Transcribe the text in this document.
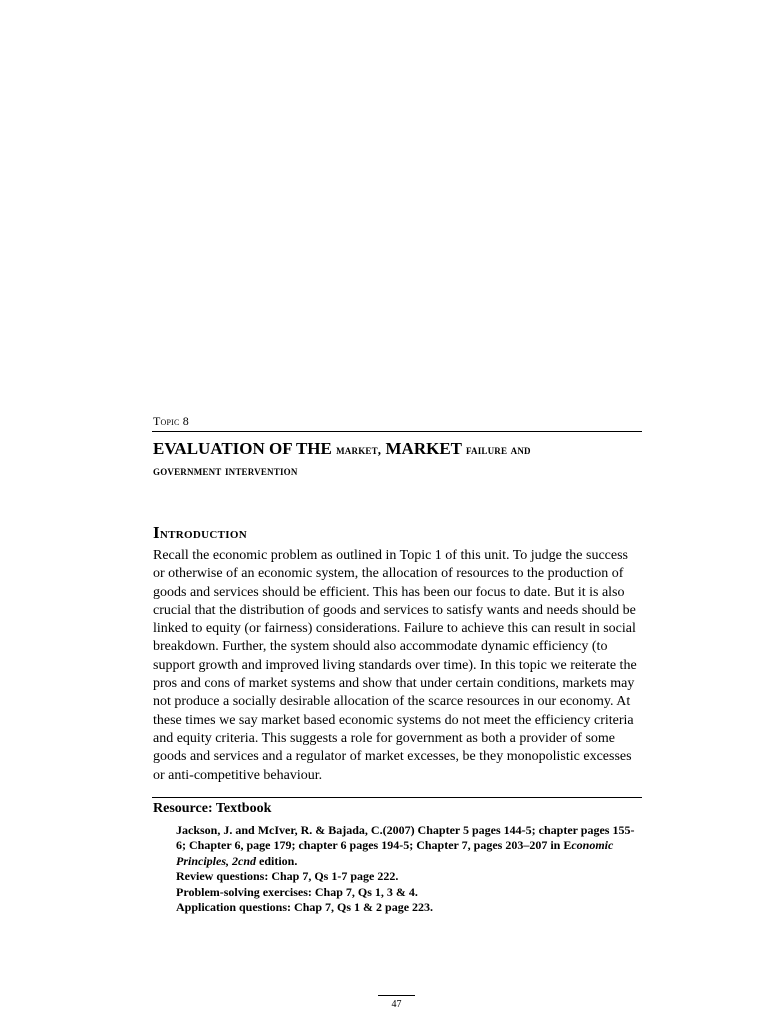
Topic 8
EVALUATION OF THE market, MARKET failure and
government intervention
Introduction

Recall the economic problem as outlined in Topic 1 of this unit. To judge the success or otherwise of an economic system, the allocation of resources to the production of goods and services should be efficient. This has been our focus to date. But it is also crucial that the distribution of goods and services to satisfy wants and needs should be linked to equity (or fairness) considerations. Failure to achieve this can result in social breakdown. Further, the system should also accommodate dynamic efficiency (to support growth and improved living standards over time). In this topic we reiterate the pros and cons of market systems and show that under certain conditions, markets may not produce a socially desirable allocation of the scarce resources in our economy. At these times we say market based economic systems do not meet the efficiency criteria and equity criteria. This suggests a role for government as both a provider of some goods and services and a regulator of market excesses, be they monopolistic excesses or anti-competitive behaviour.

Resource: Textbook
Jackson, J. and McIver, R. & Bajada, C.(2007) Chapter 5 pages 144-5; chapter pages 155-6; Chapter 6, page 179; chapter 6 pages 194-5; Chapter 7, pages 203–207 in Economic Principles, 2cnd edition.
Review questions: Chap 7, Qs 1-7 page 222.
Problem-solving exercises: Chap 7, Qs 1, 3 & 4.
Application questions: Chap 7, Qs 1 & 2 page 223.
47
